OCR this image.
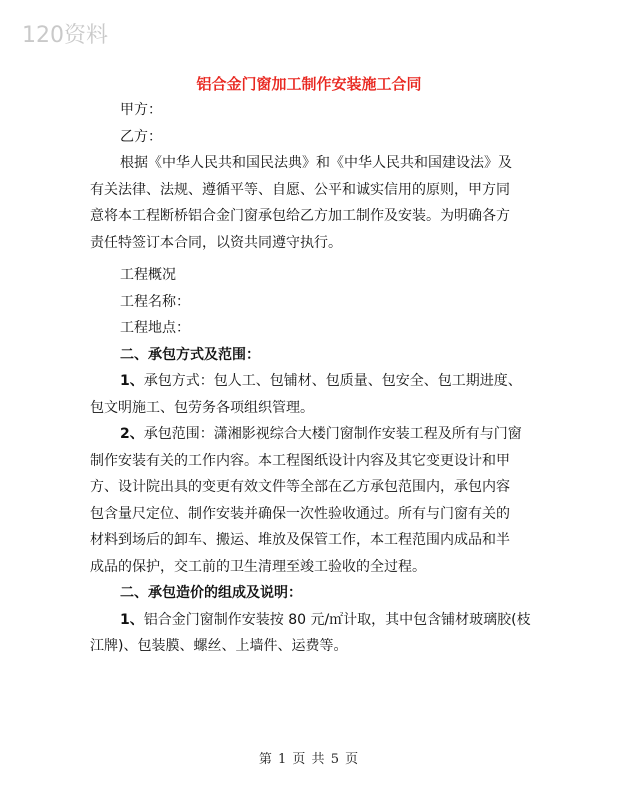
120资料
铝合金门窗加工制作安装施工合同

甲方：

乙方：

根据《中华人民共和国民法典》和《中华人民共和国建设法》及

有关法律、法规、遵循平等、自愿、公平和诚实信用的原则，甲方同

意将本工程断桥铝合金门窗承包给乙方加工制作及安装。为明确各方

责任特签订本合同，以资共同遵守执行。

工程概况

工程名称：

工程地点：

二、承包方式及范围：

1、承包方式：包人工、包铺材、包质量、包安全、包工期进度、

包文明施工、包劳务各项组织管理。

2、承包范围：潇湘影视综合大楼门窗制作安装工程及所有与门窗

制作安装有关的工作内容。本工程图纸设计内容及其它变更设计和甲

方、设计院出具的变更有效文件等全部在乙方承包范围内，承包内容

包含量尺定位、制作安装并确保一次性验收通过。所有与门窗有关的

材料到场后的卸车、搬运、堆放及保管工作，本工程范围内成品和半

成品的保护，交工前的卫生清理至竣工验收的全过程。

二、承包造价的组成及说明：

1、铝合金门窗制作安装按 80 元/㎡计取，其中包含铺材玻璃胶(枝

江牌)、包装膜、螺丝、上墙件、运费等。

第 1 页 共 5 页
